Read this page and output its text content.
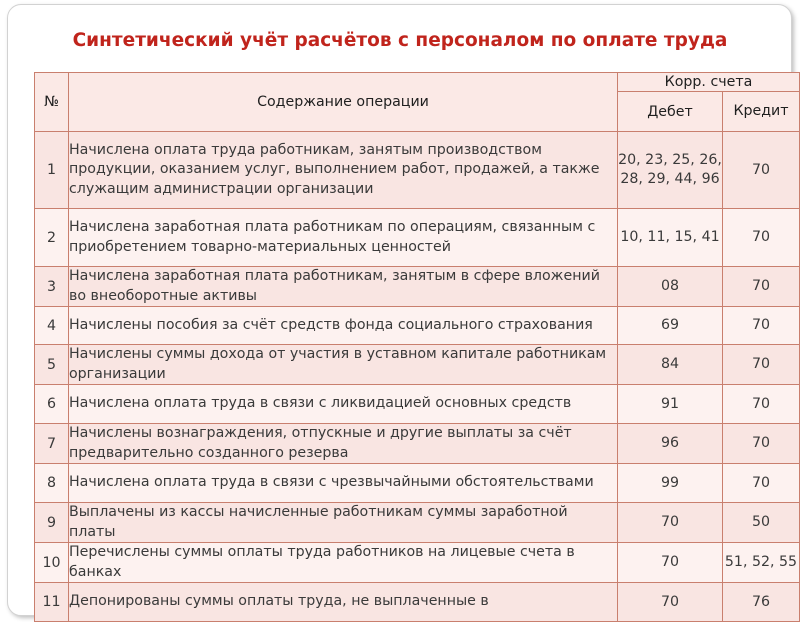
Синтетический учёт расчётов с персоналом по оплате труда
№	Содержание операции	Корр. счета	
		Дебет	Кредит
1	Начислена оплата труда работникам, занятым производством продукции, оказанием услуг, выполнением работ, продажей, а также служащим администрации организации	20, 23, 25, 26, 28, 29, 44, 96	70
2	Начислена заработная плата работникам по операциям, связанным с приобретением товарно-материальных ценностей	10, 11, 15, 41	70
3	Начислена заработная плата работникам, занятым в сфере вложений во внеоборотные активы	08	70
4	Начислены пособия за счёт средств фонда социального страхования	69	70
5	Начислены суммы дохода от участия в уставном капитале работникам организации	84	70
6	Начислена оплата труда в связи с ликвидацией основных средств	91	70
7	Начислены вознаграждения, отпускные и другие выплаты за счёт предварительно созданного резерва	96	70
8	Начислена оплата труда в связи с чрезвычайными обстоятельствами	99	70
9	Выплачены из кассы начисленные работникам суммы заработной платы	70	50
10	Перечислены суммы оплаты труда работников на лицевые счета в банках	70	51, 52, 55
11	Депонированы суммы оплаты труда, не выплаченные в	70	76
